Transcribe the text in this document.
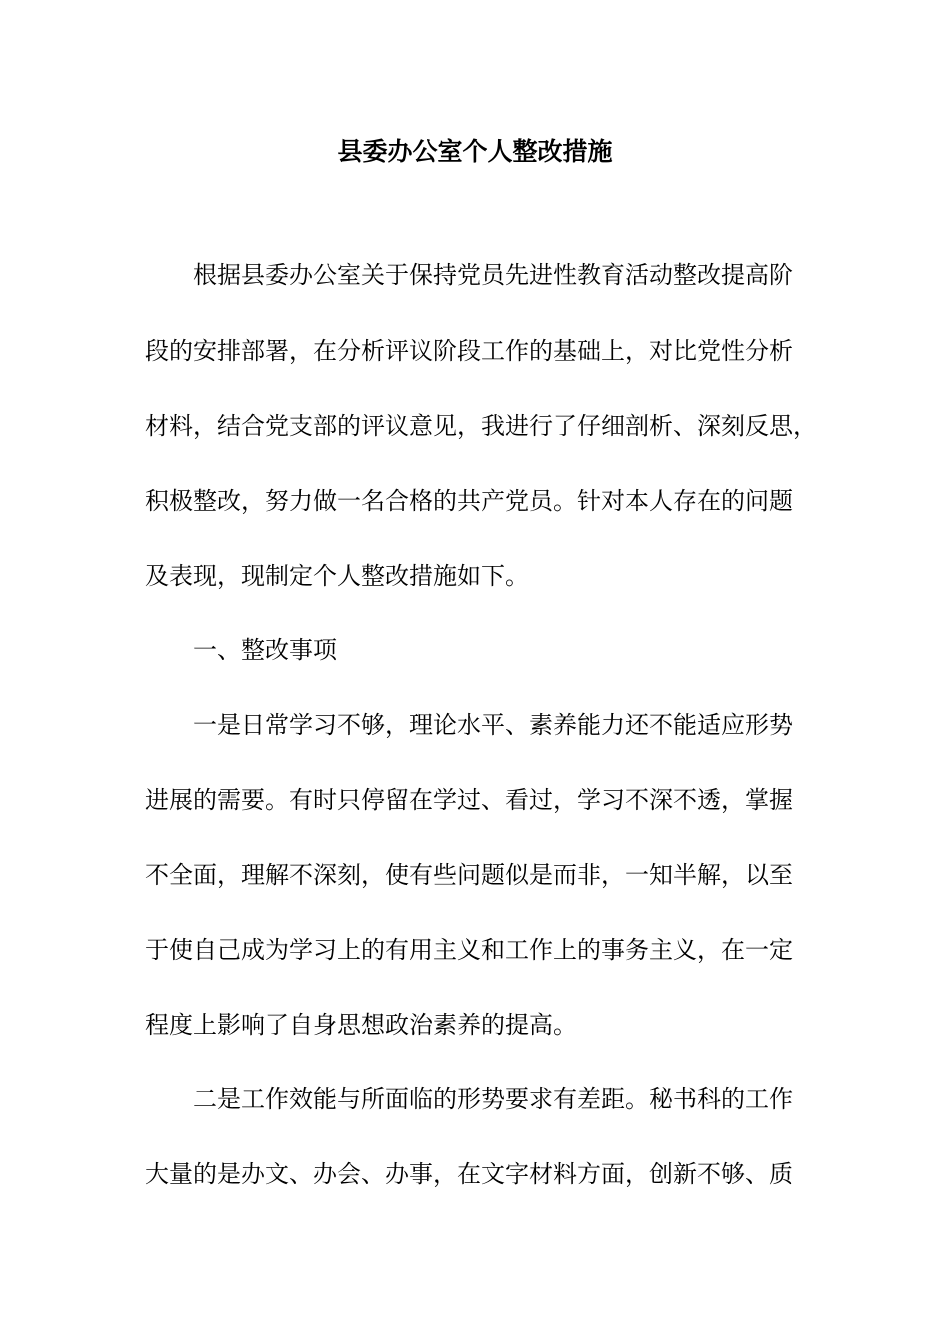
县委办公室个人整改措施

根据县委办公室关于保持党员先进性教育活动整改提高阶

段的安排部署，在分析评议阶段工作的基础上，对比党性分析

材料，结合党支部的评议意见，我进行了仔细剖析、深刻反思，

积极整改，努力做一名合格的共产党员。针对本人存在的问题

及表现，现制定个人整改措施如下。

一、整改事项

一是日常学习不够，理论水平、素养能力还不能适应形势

进展的需要。有时只停留在学过、看过，学习不深不透，掌握

不全面，理解不深刻，使有些问题似是而非，一知半解，以至

于使自己成为学习上的有用主义和工作上的事务主义，在一定

程度上影响了自身思想政治素养的提高。

二是工作效能与所面临的形势要求有差距。秘书科的工作

大量的是办文、办会、办事，在文字材料方面，创新不够、质
